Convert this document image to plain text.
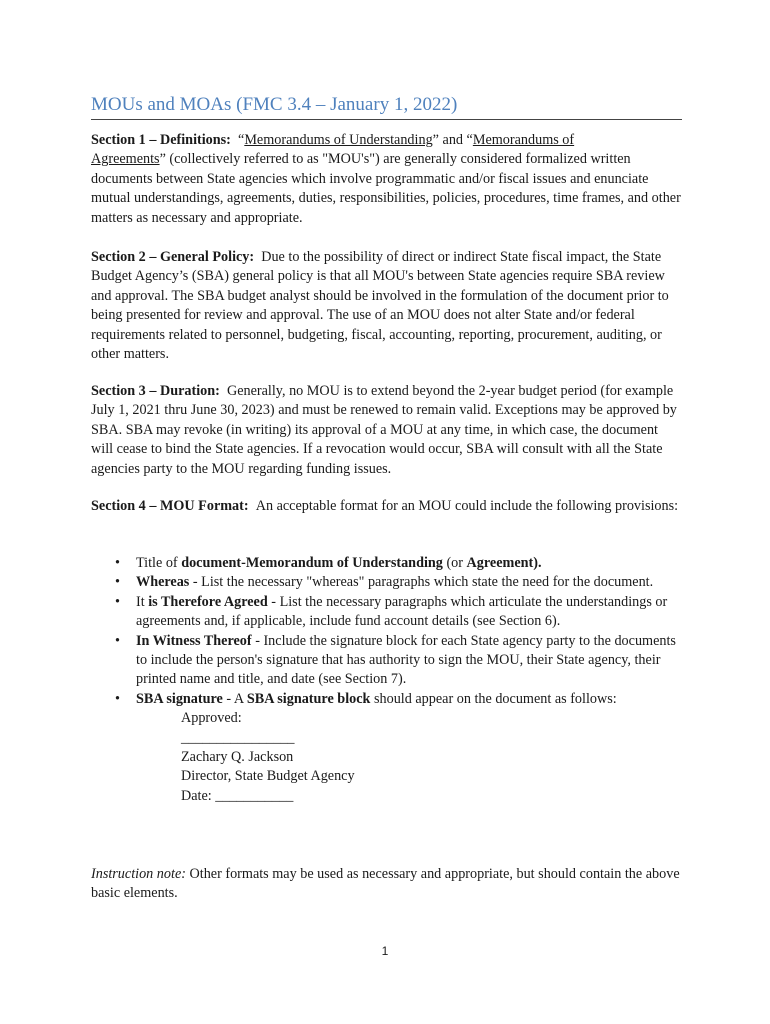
MOUs and MOAs (FMC 3.4 – January 1, 2022)

Section 1 – Definitions: “Memorandums of Understanding” and “Memorandums of
Agreements” (collectively referred to as "MOU's") are generally considered formalized written documents between State agencies which involve programmatic and/or fiscal issues and enunciate mutual understandings, agreements, duties, responsibilities, policies, procedures, time frames, and other matters as necessary and appropriate.

Section 2 – General Policy: Due to the possibility of direct or indirect State fiscal impact, the State Budget Agency’s (SBA) general policy is that all MOU's between State agencies require SBA review and approval. The SBA budget analyst should be involved in the formulation of the document prior to being presented for review and approval. The use of an MOU does not alter State and/or federal requirements related to personnel, budgeting, fiscal, accounting, reporting, procurement, auditing, or other matters.

Section 3 – Duration: Generally, no MOU is to extend beyond the 2-year budget period (for example July 1, 2021 thru June 30, 2023) and must be renewed to remain valid. Exceptions may be approved by SBA. SBA may revoke (in writing) its approval of a MOU at any time, in which case, the document will cease to bind the State agencies. If a revocation would occur, SBA will consult with all the State agencies party to the MOU regarding funding issues.

Section 4 – MOU Format: An acceptable format for an MOU could include the following provisions:

• Title of document-Memorandum of Understanding (or Agreement).
• Whereas - List the necessary "whereas" paragraphs which state the need for the document.
• It is Therefore Agreed - List the necessary paragraphs which articulate the understandings or agreements and, if applicable, include fund account details (see Section 6).
• In Witness Thereof - Include the signature block for each State agency party to the documents to include the person's signature that has authority to sign the MOU, their State agency, their printed name and title, and date (see Section 7).
• SBA signature - A SBA signature block should appear on the document as follows:
Approved:
________________
Zachary Q. Jackson
Director, State Budget Agency
Date: ___________

Instruction note: Other formats may be used as necessary and appropriate, but should contain the above basic elements.

1
